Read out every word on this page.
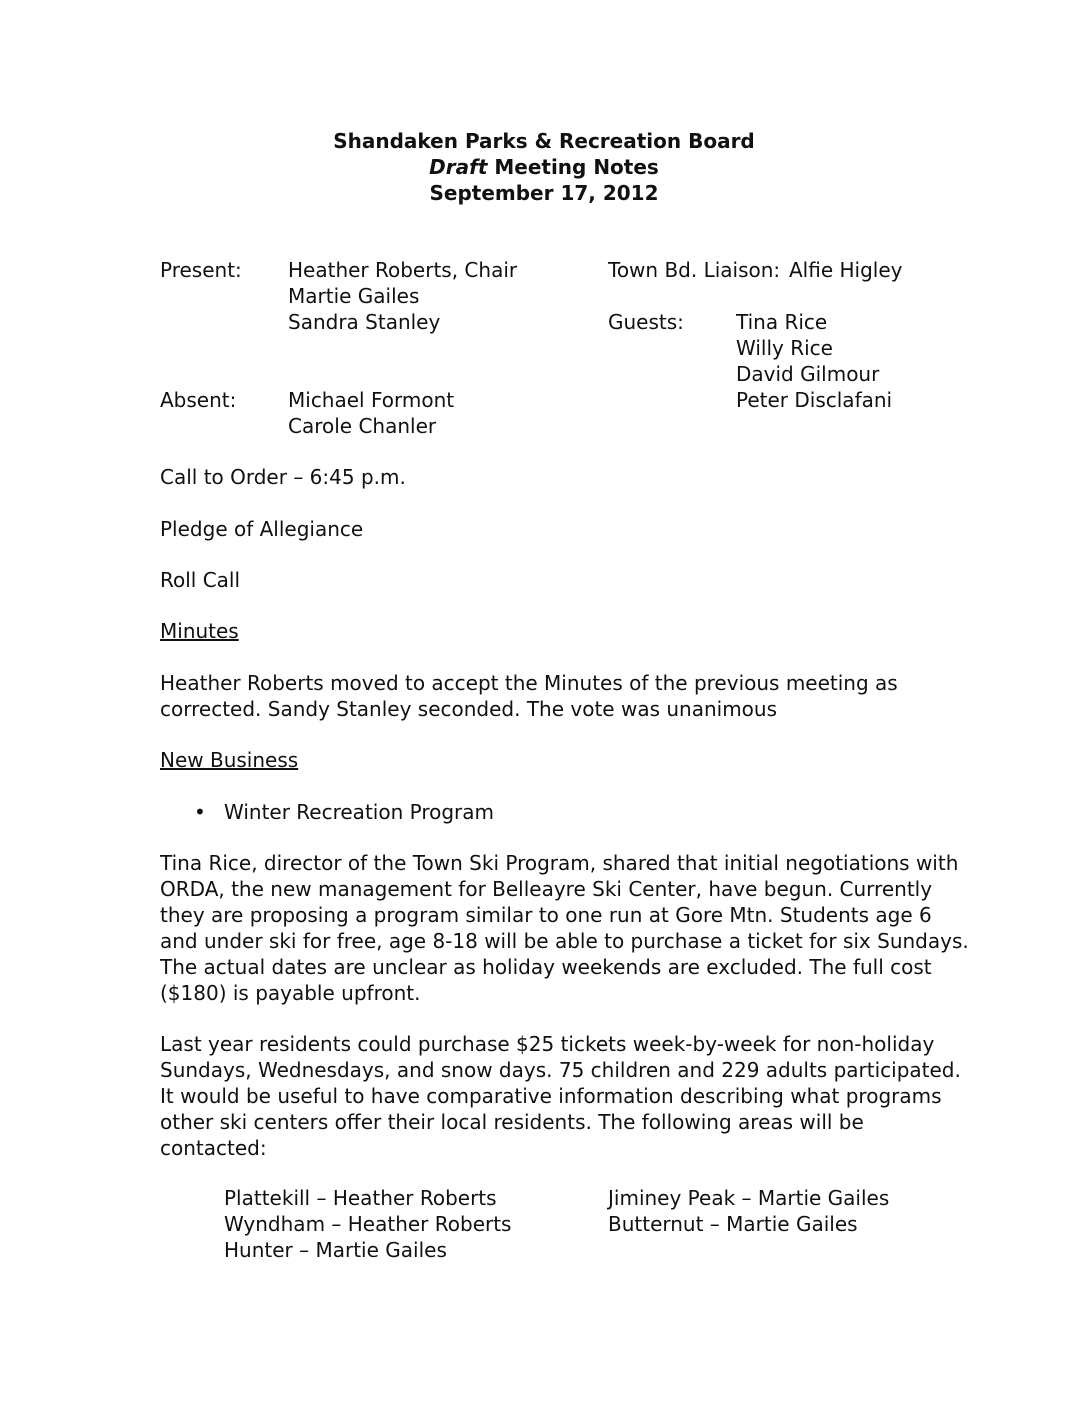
Shandaken Parks & Recreation Board
Draft Meeting Notes
September 17, 2012
Present: Heather Roberts, Chair
Martie Gailes
Sandra Stanley
Town Bd. Liaison: Alfie Higley
Guests:	Tina Rice
Willy Rice
David Gilmour
Peter Disclafani
Absent:	Michael Formont
Carole Chanler
Call to Order – 6:45 p.m.
Pledge of Allegiance
Roll Call
Minutes
Heather Roberts moved to accept the Minutes of the previous meeting as
corrected. Sandy Stanley seconded. The vote was unanimous
New Business
• Winter Recreation Program
Tina Rice, director of the Town Ski Program, shared that initial negotiations with
ORDA, the new management for Belleayre Ski Center, have begun. Currently
they are proposing a program similar to one run at Gore Mtn. Students age 6
and under ski for free, age 8-18 will be able to purchase a ticket for six Sundays.
The actual dates are unclear as holiday weekends are excluded. The full cost
($180) is payable upfront.
Last year residents could purchase $25 tickets week-by-week for non-holiday
Sundays, Wednesdays, and snow days. 75 children and 229 adults participated.
It would be useful to have comparative information describing what programs
other ski centers offer their local residents. The following areas will be
contacted:
Plattekill – Heather Roberts
Wyndham – Heather Roberts
Hunter – Martie Gailes
Jiminey Peak – Martie Gailes
Butternut – Martie Gailes
